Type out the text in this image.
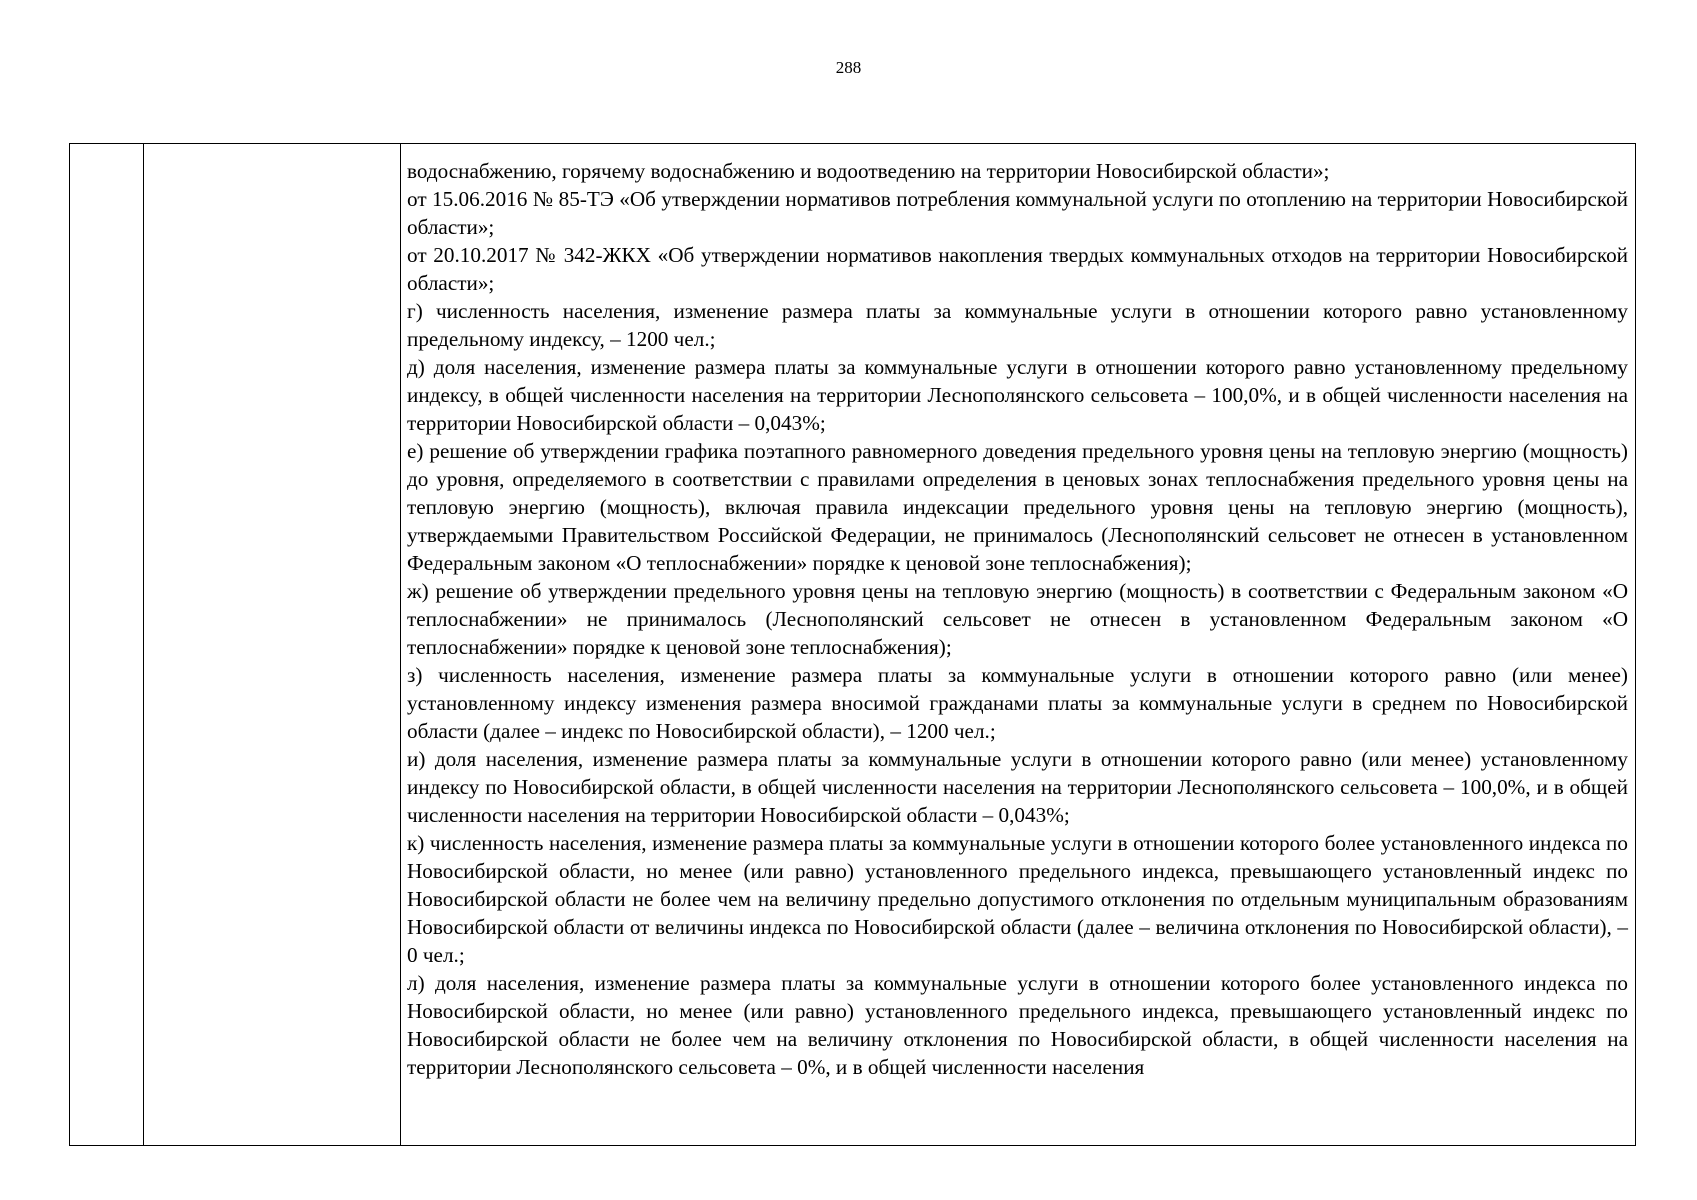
288

водоснабжению, горячему водоснабжению и водоотведению на территории Новосибирской области»;

от 15.06.2016 № 85-ТЭ «Об утверждении нормативов потребления коммунальной услуги по отоплению на территории Новосибирской области»;

от 20.10.2017 № 342-ЖКХ «Об утверждении нормативов накопления твердых коммунальных отходов на территории Новосибирской области»;

г) численность населения, изменение размера платы за коммунальные услуги в отношении которого равно установленному предельному индексу, – 1200 чел.;

д) доля населения, изменение размера платы за коммунальные услуги в отношении которого равно установленному предельному индексу, в общей численности населения на территории Леснополянского сельсовета – 100,0%, и в общей численности населения на территории Новосибирской области – 0,043%;

е) решение об утверждении графика поэтапного равномерного доведения предельного уровня цены на тепловую энергию (мощность) до уровня, определяемого в соответствии с правилами определения в ценовых зонах теплоснабжения предельного уровня цены на тепловую энергию (мощность), включая правила индексации предельного уровня цены на тепловую энергию (мощность), утверждаемыми Правительством Российской Федерации, не принималось (Леснополянский сельсовет не отнесен в установленном Федеральным законом «О теплоснабжении» порядке к ценовой зоне теплоснабжения);

ж) решение об утверждении предельного уровня цены на тепловую энергию (мощность) в соответствии с Федеральным законом «О теплоснабжении» не принималось (Леснополянский сельсовет не отнесен в установленном Федеральным законом «О теплоснабжении» порядке к ценовой зоне теплоснабжения);

з) численность населения, изменение размера платы за коммунальные услуги в отношении которого равно (или менее) установленному индексу изменения размера вносимой гражданами платы за коммунальные услуги в среднем по Новосибирской области (далее – индекс по Новосибирской области), – 1200 чел.;

и) доля населения, изменение размера платы за коммунальные услуги в отношении которого равно (или менее) установленному индексу по Новосибирской области, в общей численности населения на территории Леснополянского сельсовета – 100,0%, и в общей численности населения на территории Новосибирской области – 0,043%;

к) численность населения, изменение размера платы за коммунальные услуги в отношении которого более установленного индекса по Новосибирской области, но менее (или равно) установленного предельного индекса, превышающего установленный индекс по Новосибирской области не более чем на величину предельно допустимого отклонения по отдельным муниципальным образованиям Новосибирской области от величины индекса по Новосибирской области (далее – величина отклонения по Новосибирской области), – 0 чел.;

л) доля населения, изменение размера платы за коммунальные услуги в отношении которого более установленного индекса по Новосибирской области, но менее (или равно) установленного предельного индекса, превышающего установленный индекс по Новосибирской области не более чем на величину отклонения по Новосибирской области, в общей численности населения на территории Леснополянского сельсовета – 0%, и в общей численности населения
